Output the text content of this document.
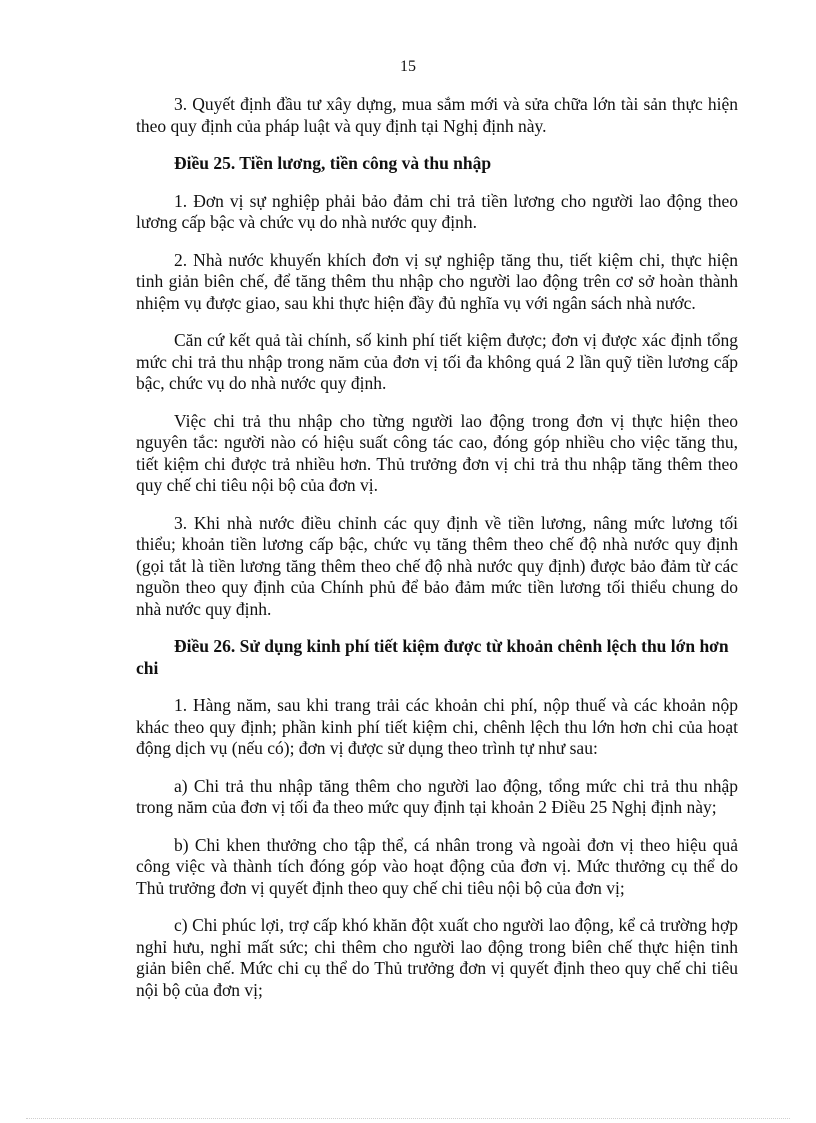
15

3. Quyết định đầu tư xây dựng, mua sắm mới và sửa chữa lớn tài sản thực hiện theo quy định của pháp luật và quy định tại Nghị định này.

Điều 25. Tiền lương, tiền công và thu nhập

1. Đơn vị sự nghiệp phải bảo đảm chi trả tiền lương cho người lao động theo lương cấp bậc và chức vụ do nhà nước quy định.

2. Nhà nước khuyến khích đơn vị sự nghiệp tăng thu, tiết kiệm chi, thực hiện tinh giản biên chế, để tăng thêm thu nhập cho người lao động trên cơ sở hoàn thành nhiệm vụ được giao, sau khi thực hiện đầy đủ nghĩa vụ với ngân sách nhà nước.

Căn cứ kết quả tài chính, số kinh phí tiết kiệm được; đơn vị được xác định tổng mức chi trả thu nhập trong năm của đơn vị tối đa không quá 2 lần quỹ tiền lương cấp bậc, chức vụ do nhà nước quy định.

Việc chi trả thu nhập cho từng người lao động trong đơn vị thực hiện theo nguyên tắc: người nào có hiệu suất công tác cao, đóng góp nhiều cho việc tăng thu, tiết kiệm chi được trả nhiều hơn. Thủ trưởng đơn vị chi trả thu nhập tăng thêm theo quy chế chi tiêu nội bộ của đơn vị.

3. Khi nhà nước điều chỉnh các quy định về tiền lương, nâng mức lương tối thiểu; khoản tiền lương cấp bậc, chức vụ tăng thêm theo chế độ nhà nước quy định (gọi tắt là tiền lương tăng thêm theo chế độ nhà nước quy định) được bảo đảm từ các nguồn theo quy định của Chính phủ để bảo đảm mức tiền lương tối thiểu chung do nhà nước quy định.

Điều 26. Sử dụng kinh phí tiết kiệm được từ khoản chênh lệch thu lớn hơn chi

1. Hàng năm, sau khi trang trải các khoản chi phí, nộp thuế và các khoản nộp khác theo quy định; phần kinh phí tiết kiệm chi, chênh lệch thu lớn hơn chi của hoạt động dịch vụ (nếu có); đơn vị được sử dụng theo trình tự như sau:

a) Chi trả thu nhập tăng thêm cho người lao động, tổng mức chi trả thu nhập trong năm của đơn vị tối đa theo mức quy định tại khoản 2 Điều 25 Nghị định này;

b) Chi khen thưởng cho tập thể, cá nhân trong và ngoài đơn vị theo hiệu quả công việc và thành tích đóng góp vào hoạt động của đơn vị. Mức thưởng cụ thể do Thủ trưởng đơn vị quyết định theo quy chế chi tiêu nội bộ của đơn vị;

c) Chi phúc lợi, trợ cấp khó khăn đột xuất cho người lao động, kể cả trường hợp nghỉ hưu, nghỉ mất sức; chi thêm cho người lao động trong biên chế thực hiện tinh giản biên chế. Mức chi cụ thể do Thủ trưởng đơn vị quyết định theo quy chế chi tiêu nội bộ của đơn vị;
